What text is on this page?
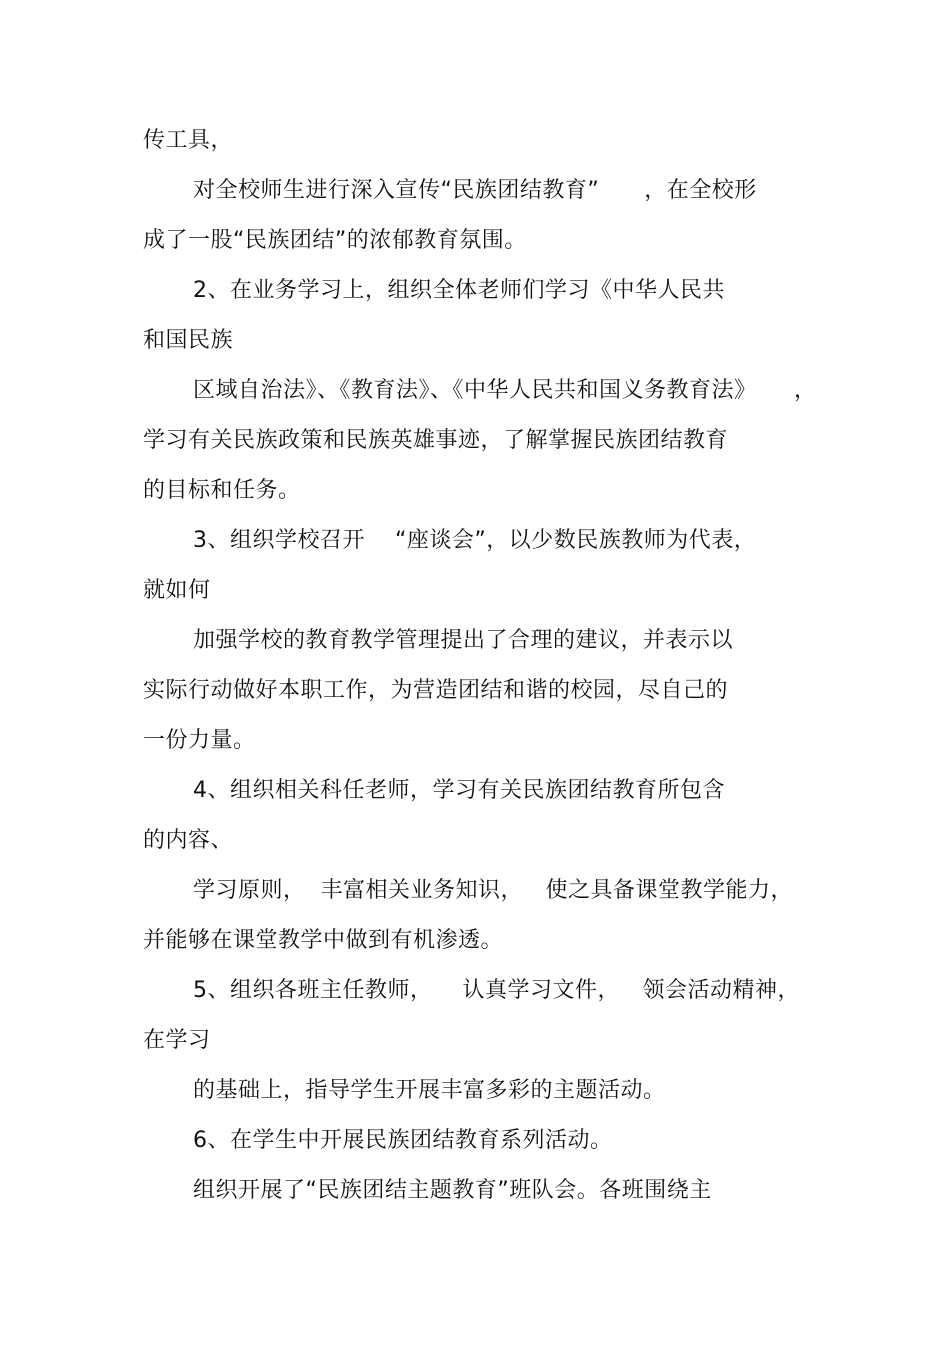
传工具，
对全校师生进行深入宣传“民族团结教育”      ，在全校形
成了一股“民族团结”的浓郁教育氛围。
2、在业务学习上，组织全体老师们学习《中华人民共
和国民族
区域自治法》、《教育法》、《中华人民共和国义务教育法》     ，
学习有关民族政策和民族英雄事迹，了解掌握民族团结教育
的目标和任务。
3、组织学校召开    “座谈会”，以少数民族教师为代表，
就如何
加强学校的教育教学管理提出了合理的建议，并表示以
实际行动做好本职工作，为营造团结和谐的校园，尽自己的
一份力量。
4、组织相关科任老师，学习有关民族团结教育所包含
的内容、
学习原则，  丰富相关业务知识，   使之具备课堂教学能力，
并能够在课堂教学中做到有机渗透。
5、组织各班主任教师，    认真学习文件，   领会活动精神，
在学习
的基础上，指导学生开展丰富多彩的主题活动。
6、在学生中开展民族团结教育系列活动。
组织开展了“民族团结主题教育”班队会。各班围绕主
